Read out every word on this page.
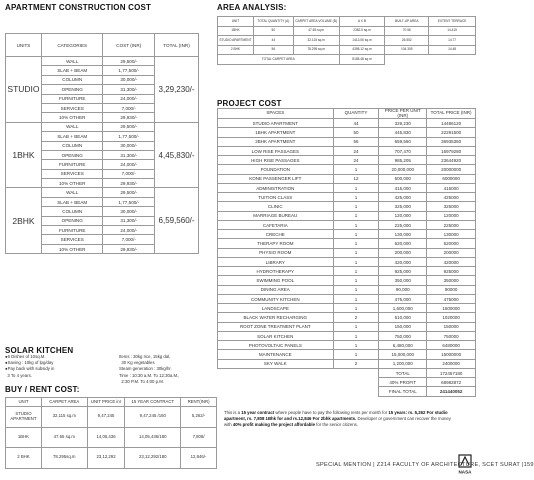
APARTMENT CONSTRUCTION COST
UNITS	CATEGORIES	COST (INR)	TOTAL (INR)
STUDIO	WALL	29,500/-	3,29,230/-
	SLAB + BEAM	1,77,500/-	
	COLUMN	30,000/-	
	OPENING	31,300/-	
	FURNITURE	24,000/-	
	SERVICES	7,000/-	
	10% OTHER	29,930/-	
1BHK	WALL	29,500/-	4,45,830/-
	SLAB + BEAM	1,77,500/-	
	COLUMN	30,000/-	
	OPENING	31,300/-	
	FURNITURE	24,000/-	
	SERVICES	7,000/-	
	10% OTHER	29,930/-	
2BHK	WALL	29,500/-	6,59,560/-
	SLAB + BEAM	1,77,500/-	
	COLUMN	30,000/-	
	OPENING	31,300/-	
	FURNITURE	24,000/-	
	SERVICES	7,000/-	
	10% OTHER	29,930/-	
SOLAR KITCHEN
●6 Dishes of 10sq.M.
●Saving : 10kg of lpg/day
●Pay back with subsidy in
3 To 4 years.
Items : 30kg rice, 15kg dal,
30 Kg vegetables
Steam generation : 30kg/hr.
Time : 10:30 a.M. To 12:30a.M.,
2:30 P.M. To 4:00 p.M.
BUY / RENT COST:
UNIT	CARPET AREA	UNIT PRICE inr	15 YEAR CONTRACT	RENT(INR)
STUDIO APARTMENT	32,115 sq.m	9,47,245	9,47,245 /160	5,262/-
1BHK	47.65 sq.m	14,05,436	14,05,436/180	7,808/
2 BHK	78.295sq.m	23,12,292	23,12,292/180	12,846/-
AREA ANALYSIS:
UNIT	TOTAL QUANTITY (A)	CARPET AREA VOLUME (B)	A X B	BUILT-UP AREA	EXTENT TERRACE
1BHK	50	47.65 sq.m	2382.5 sq.m	70.56	14.415
STUDIO APARTMENT	44	32.115 sq.m	1413.06 sq.m	26.552	14.77
2 BHK	56	78.295 sq.m	4398.12 sq.m	104.305	14.48
TOTAL CARPET AREA			8185.48 sq.m		
PROJECT COST
SPACES	QUANTITY	PRICE PER UNIT (INR)	TOTAL PRICE (INR)
STUDIO APARTMENT	44	329,230	14486120
1BHK APARTMENT	50	445,830	22291500
2BHK APARTMENT	56	659,560	36935360
LOW RISE PASSAGES	24	707,470	16979280
HIGH RISE PASSAGES	24	985,205	23644920
FOUNDATION	1	20,000,000	20000000
KONE PASSENGER LIFT	12	500,000	6000000
ADMINISTRATION	1	415,000	415000
TUITION CLASS	1	425,000	425000
CLINIC	1	325,000	325000
MARRIAGE BUREAU	1	120,000	120000
CAFETARIA	1	225,000	225000
CRECHE	1	130,000	130000
THERAPY ROOM	1	620,000	620000
PHYSIO ROOM	1	200,000	200000
LIBRARY	1	420,000	420000
HYDROTHERAPY	1	925,000	925000
SWIMMING POOL	1	350,000	350000
DINING AREA	1	90,000	90000
COMMUNITY KITCHEN	1	475,000	475000
LANDSCAPE	1	1,600,000	1600000
BLACK WATER RECHARGING	2	510,000	1020000
ROOT ZONE TREATMENT PLANT	1	150,000	150000
SOLAR KITCHEN	1	750,000	750000
PHOTOVOLTAIC PANELS	1	6,480,000	6480000
MAINTENANCE	1	15,000,000	15000000
SKY WALK	2	1,200,000	2400000
		TOTAL	172457180
		40% PROFIT	68982872
		FINAL TOTAL	241440052
This is a 15 year contract where people have to pay the following rents per month for 15 years: rs. 5,262 For studio apartment, rs. 7,808 1Bhk for and rs.12,846 For 2bhk apartments. Developer or government can recover the money with 40% profit making the project affordable for the senior citizens.
SPECIAL MENTION | Z214 FACULTY OF ARCHITECTURE, SCET SURAT |159
NASA
